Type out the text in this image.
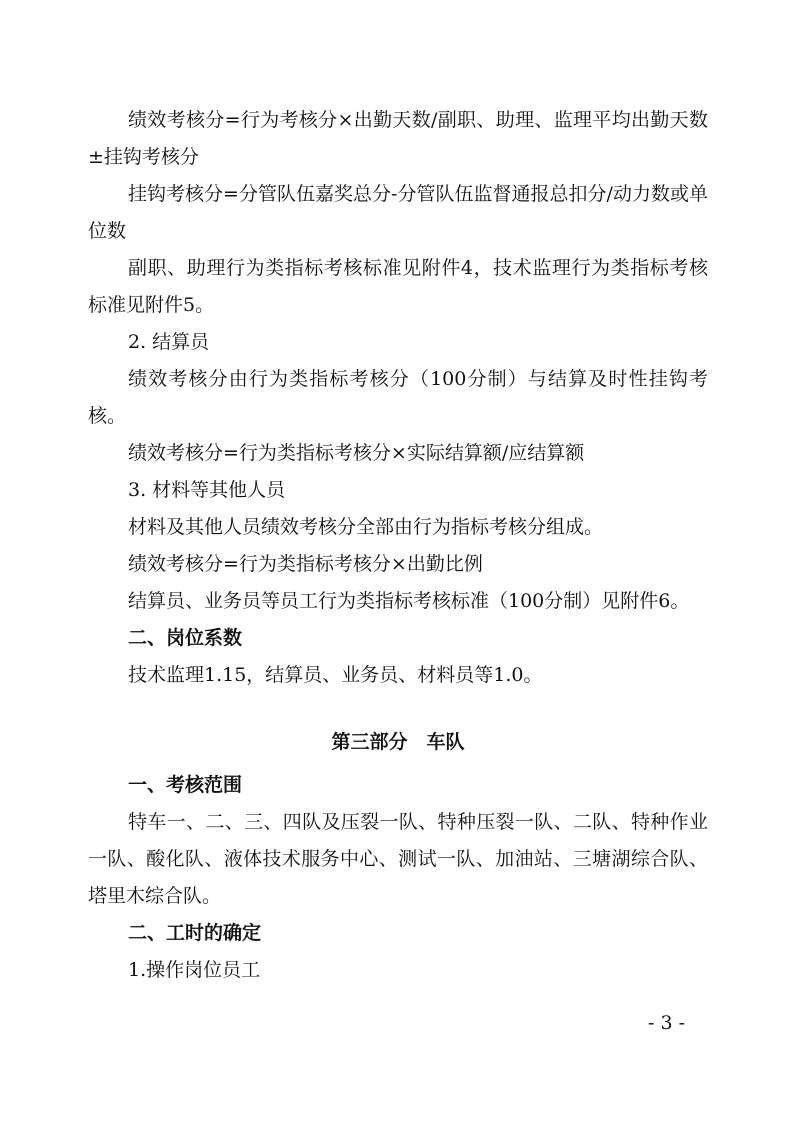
绩效考核分=行为考核分×出勤天数/副职、助理、监理平均出勤天数±挂钩考核分

挂钩考核分=分管队伍嘉奖总分-分管队伍监督通报总扣分/动力数或单位数

副职、助理行为类指标考核标准见附件4，技术监理行为类指标考核标准见附件5。

2. 结算员

绩效考核分由行为类指标考核分（100分制）与结算及时性挂钩考核。

绩效考核分=行为类指标考核分×实际结算额/应结算额

3. 材料等其他人员

材料及其他人员绩效考核分全部由行为指标考核分组成。

绩效考核分=行为类指标考核分×出勤比例

结算员、业务员等员工行为类指标考核标准（100分制）见附件6。

二、岗位系数

技术监理1.15，结算员、业务员、材料员等1.0。

第三部分　车队

一、考核范围

特车一、二、三、四队及压裂一队、特种压裂一队、二队、特种作业一队、酸化队、液体技术服务中心、测试一队、加油站、三塘湖综合队、塔里木综合队。

二、工时的确定

1.操作岗位员工

- 3 -
